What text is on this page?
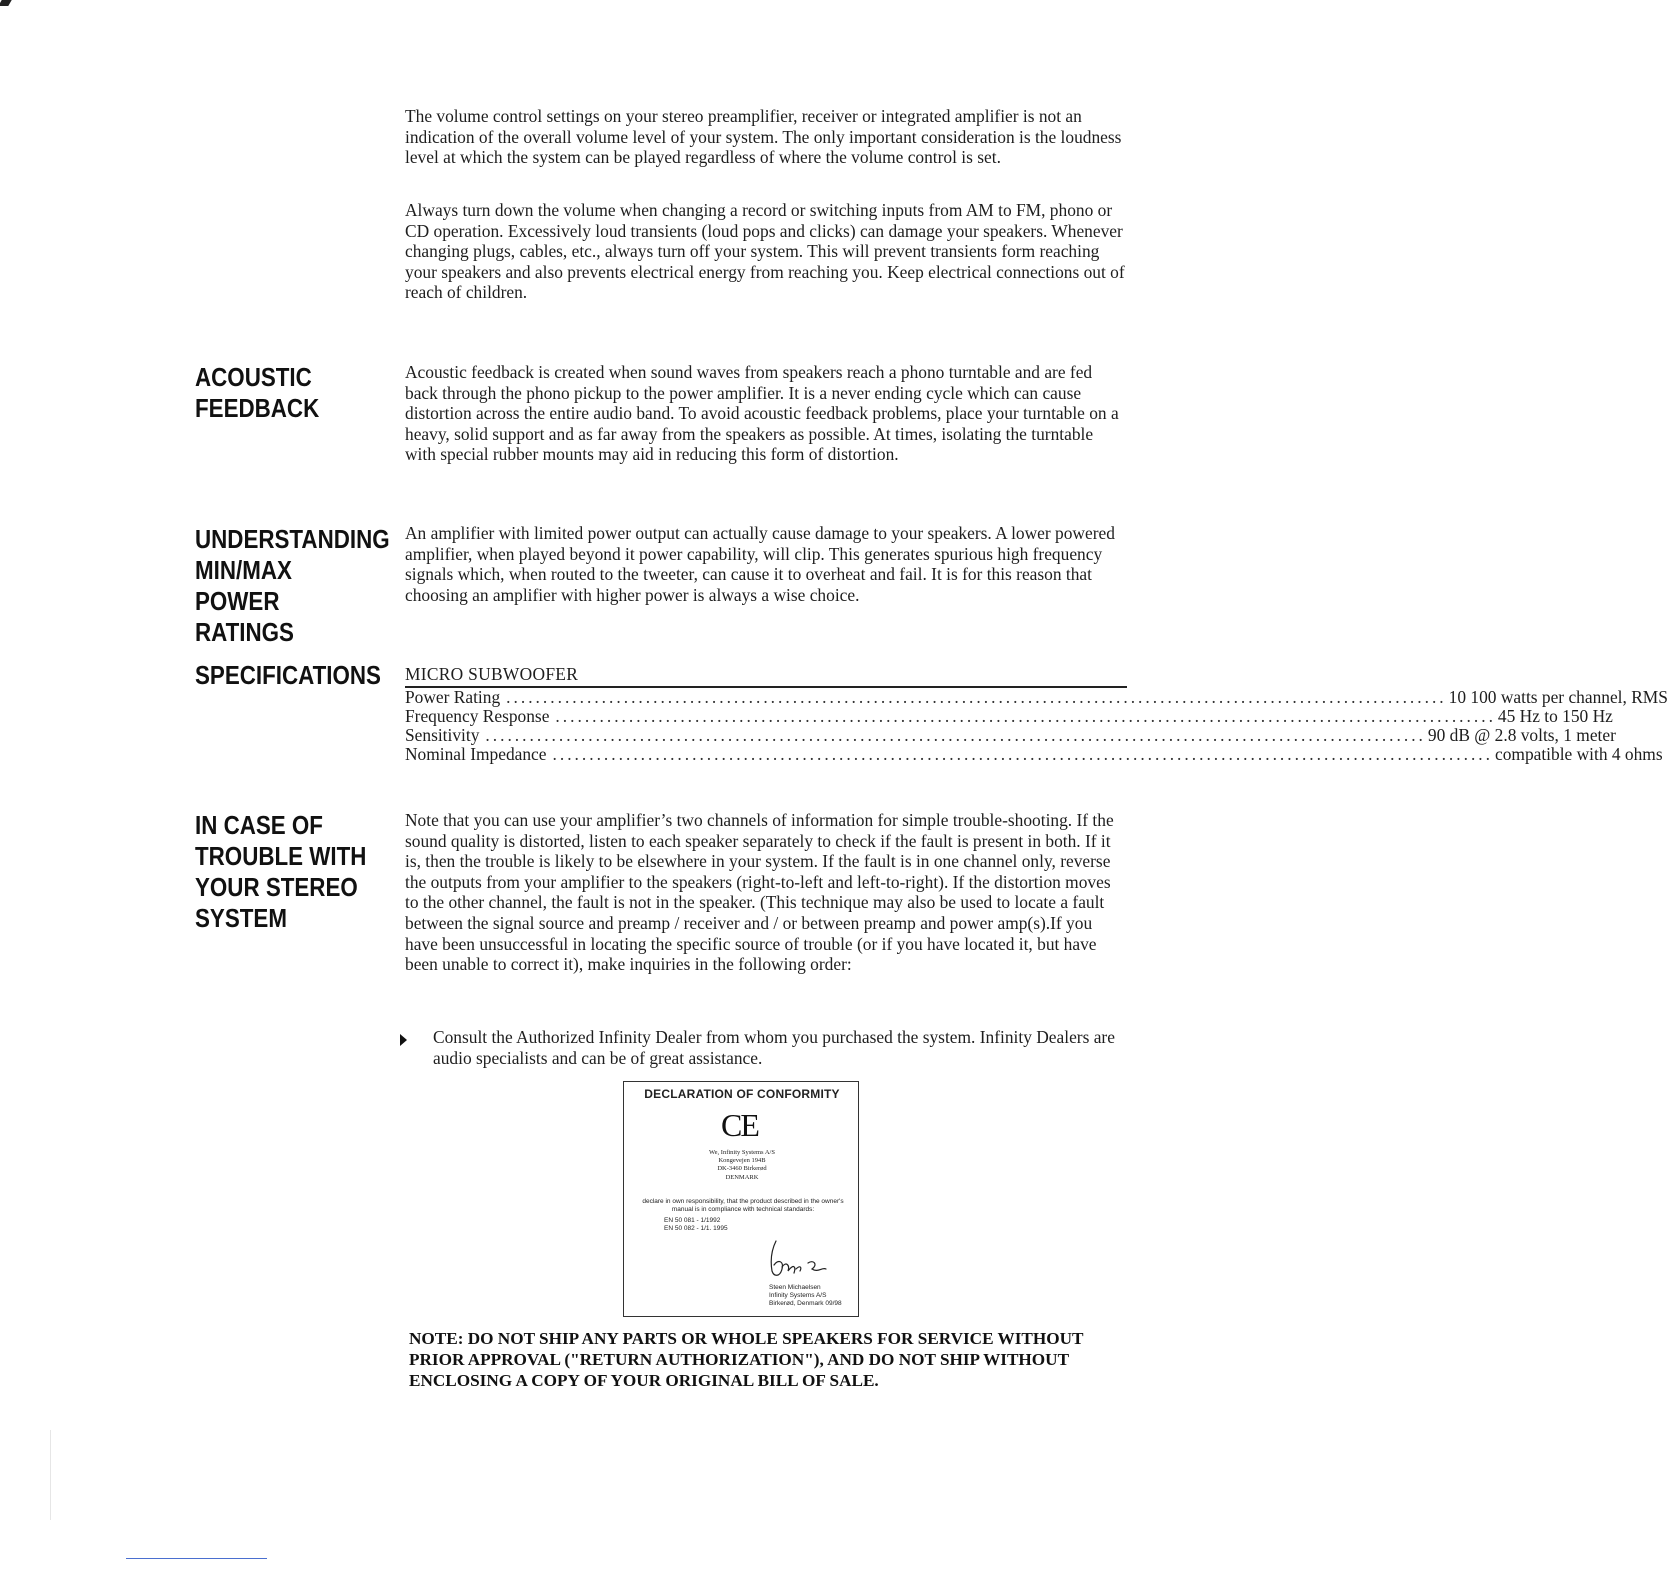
The volume control settings on your stereo preamplifier, receiver or integrated amplifier is not an indication of the overall volume level of your system. The only important consideration is the loudness level at which the system can be played regardless of where the volume control is set.

Always turn down the volume when changing a record or switching inputs from AM to FM, phono or CD operation. Excessively loud transients (loud pops and clicks) can damage your speakers. Whenever changing plugs, cables, etc., always turn off your system. This will prevent transients form reaching your speakers and also prevents electrical energy from reaching you. Keep electrical connections out of reach of children.

ACOUSTIC FEEDBACK

Acoustic feedback is created when sound waves from speakers reach a phono turntable and are fed back through the phono pickup to the power amplifier. It is a never ending cycle which can cause distortion across the entire audio band. To avoid acoustic feedback problems, place your turntable on a heavy, solid support and as far away from the speakers as possible. At times, isolating the turntable with special rubber mounts may aid in reducing this form of distortion.

UNDERSTANDING MIN/MAX POWER RATINGS

An amplifier with limited power output can actually cause damage to your speakers. A lower powered amplifier, when played beyond it power capability, will clip. This generates spurious high frequency signals which, when routed to the tweeter, can cause it to overheat and fail. It is for this reason that choosing an amplifier with higher power is always a wise choice.

SPECIFICATIONS	MICRO SUBWOOFER
Power Rating ................................................................................................................................ 10 100 watts per channel, RMS
Frequency Response ................................................................................................................................ 45 Hz to 150 Hz
Sensitivity ................................................................................................................................ 90 dB @ 2.8 volts, 1 meter
Nominal Impedance ................................................................................................................................ compatible with 4 ohms
IN CASE OF TROUBLE WITH YOUR STEREO SYSTEM

Note that you can use your amplifier’s two channels of information for simple trouble-shooting. If the sound quality is distorted, listen to each speaker separately to check if the fault is present in both. If it is, then the trouble is likely to be elsewhere in your system. If the fault is in one channel only, reverse the outputs from your amplifier to the speakers (right-to-left and left-to-right). If the distortion moves to the other channel, the fault is not in the speaker. (This technique may also be used to locate a fault between the signal source and preamp / receiver and / or between preamp and power amp(s).If you have been unsuccessful in locating the specific source of trouble (or if you have located it, but have been unable to correct it), make inquiries in the following order:

Consult the Authorized Infinity Dealer from whom you purchased the system. Infinity Dealers are audio specialists and can be of great assistance.
DECLARATION OF CONFORMITY
CE
We, Infinity Systems A/S
Kongevejen 194B
DK-3460 Birkerød
DENMARK
declare in own responsibility, that the product described in the owner's manual is in compliance with technical standards:
EN 50 081 - 1/1992
EN 50 082 - 1/1. 1995
Steen Michaelsen
Infinity Systems A/S
Birkerød, Denmark 09/98

NOTE: DO NOT SHIP ANY PARTS OR WHOLE SPEAKERS FOR SERVICE WITHOUT PRIOR APPROVAL ("RETURN AUTHORIZATION"), AND DO NOT SHIP WITHOUT ENCLOSING A COPY OF YOUR ORIGINAL BILL OF SALE.
